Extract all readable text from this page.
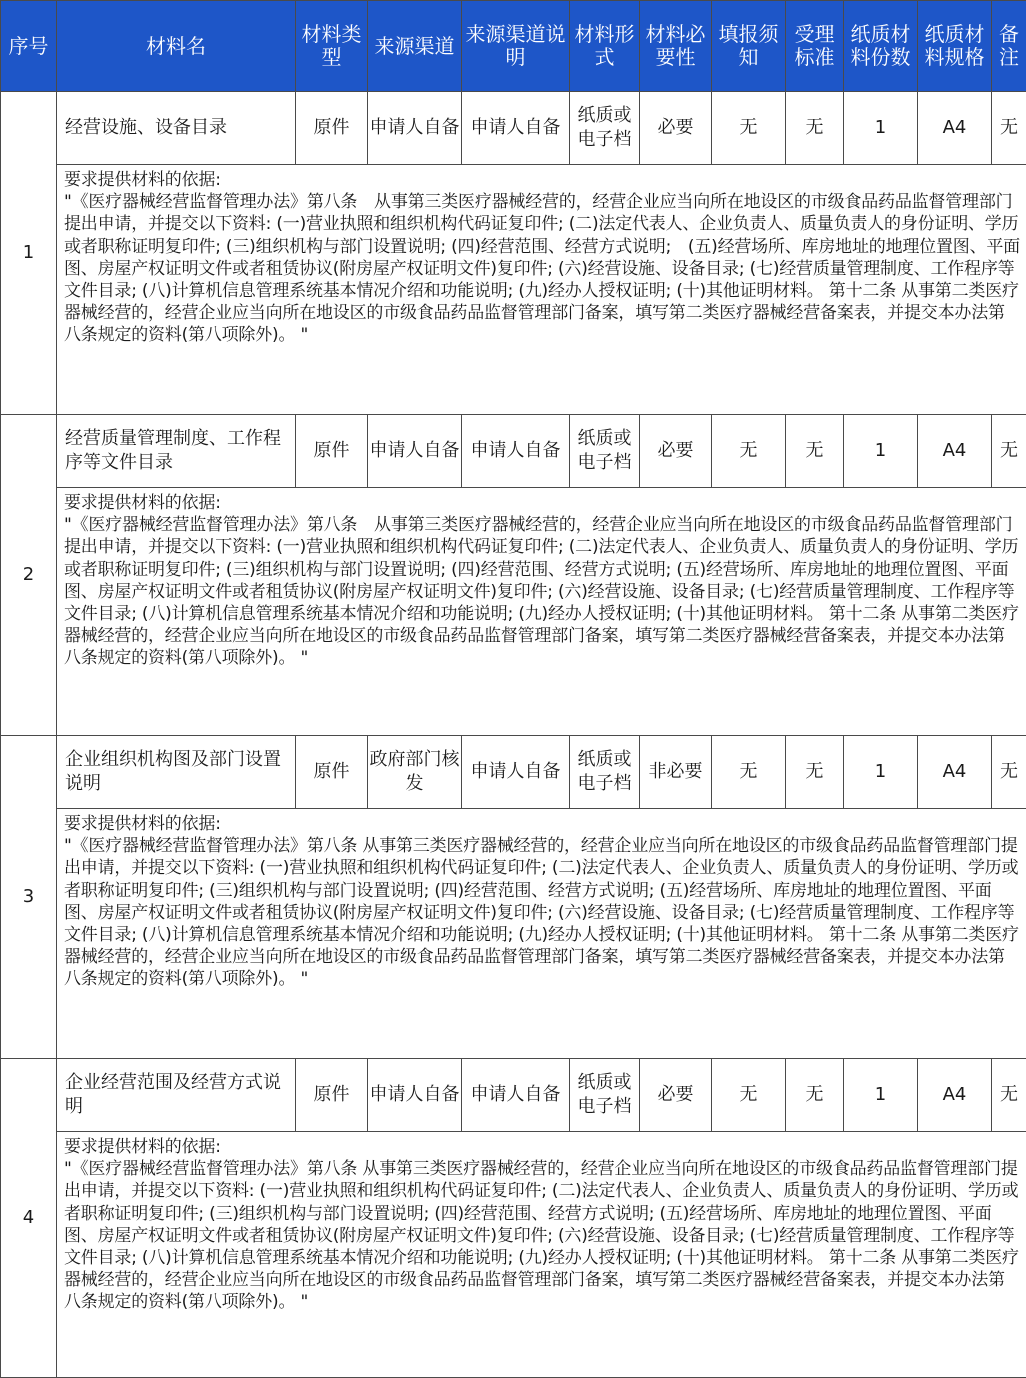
序号	材料名	材料类型	来源渠道	来源渠道说明	材料形式	材料必要性	填报须知	受理标准	纸质材料份数	纸质材料规格	备注
1	经营设施、设备目录	原件	申请人自备	申请人自备	纸质或电子档	必要	无	无	1	A4	无

	要求提供材料的依据:
"《医疗器械经营监督管理办法》第八条　从事第三类医疗器械经营的，经营企业应当向所在地设区的市级食品药品监督管理部门提出申请，并提交以下资料: (一)营业执照和组织机构代码证复印件; (二)法定代表人、企业负责人、质量负责人的身份证明、学历或者职称证明复印件; (三)组织机构与部门设置说明; (四)经营范围、经营方式说明;　(五)经营场所、库房地址的地理位置图、平面图、房屋产权证明文件或者租赁协议(附房屋产权证明文件)复印件; (六)经营设施、设备目录; (七)经营质量管理制度、工作程序等文件目录; (八)计算机信息管理系统基本情况介绍和功能说明; (九)经办人授权证明; (十)其他证明材料。 第十二条 从事第二类医疗器械经营的，经营企业应当向所在地设区的市级食品药品监督管理部门备案，填写第二类医疗器械经营备案表，并提交本办法第八条规定的资料(第八项除外)。 "										

2	经营质量管理制度、工作程序等文件目录	原件	申请人自备	申请人自备	纸质或电子档	必要	无	无	1	A4	无

	要求提供材料的依据:
"《医疗器械经营监督管理办法》第八条　从事第三类医疗器械经营的，经营企业应当向所在地设区的市级食品药品监督管理部门提出申请，并提交以下资料: (一)营业执照和组织机构代码证复印件; (二)法定代表人、企业负责人、质量负责人的身份证明、学历或者职称证明复印件; (三)组织机构与部门设置说明; (四)经营范围、经营方式说明; (五)经营场所、库房地址的地理位置图、平面图、房屋产权证明文件或者租赁协议(附房屋产权证明文件)复印件; (六)经营设施、设备目录; (七)经营质量管理制度、工作程序等文件目录; (八)计算机信息管理系统基本情况介绍和功能说明; (九)经办人授权证明; (十)其他证明材料。 第十二条 从事第二类医疗器械经营的，经营企业应当向所在地设区的市级食品药品监督管理部门备案，填写第二类医疗器械经营备案表，并提交本办法第八条规定的资料(第八项除外)。 "										

3	企业组织机构图及部门设置说明	原件	政府部门核发	申请人自备	纸质或电子档	非必要	无	无	1	A4	无

	要求提供材料的依据:
"《医疗器械经营监督管理办法》第八条 从事第三类医疗器械经营的，经营企业应当向所在地设区的市级食品药品监督管理部门提出申请，并提交以下资料: (一)营业执照和组织机构代码证复印件; (二)法定代表人、企业负责人、质量负责人的身份证明、学历或者职称证明复印件; (三)组织机构与部门设置说明; (四)经营范围、经营方式说明; (五)经营场所、库房地址的地理位置图、平面图、房屋产权证明文件或者租赁协议(附房屋产权证明文件)复印件; (六)经营设施、设备目录; (七)经营质量管理制度、工作程序等文件目录; (八)计算机信息管理系统基本情况介绍和功能说明; (九)经办人授权证明; (十)其他证明材料。 第十二条 从事第二类医疗器械经营的，经营企业应当向所在地设区的市级食品药品监督管理部门备案，填写第二类医疗器械经营备案表，并提交本办法第八条规定的资料(第八项除外)。 "										

4	企业经营范围及经营方式说明	原件	申请人自备	申请人自备	纸质或电子档	必要	无	无	1	A4	无

	要求提供材料的依据:
"《医疗器械经营监督管理办法》第八条 从事第三类医疗器械经营的，经营企业应当向所在地设区的市级食品药品监督管理部门提出申请，并提交以下资料: (一)营业执照和组织机构代码证复印件; (二)法定代表人、企业负责人、质量负责人的身份证明、学历或者职称证明复印件; (三)组织机构与部门设置说明; (四)经营范围、经营方式说明; (五)经营场所、库房地址的地理位置图、平面图、房屋产权证明文件或者租赁协议(附房屋产权证明文件)复印件; (六)经营设施、设备目录; (七)经营质量管理制度、工作程序等文件目录; (八)计算机信息管理系统基本情况介绍和功能说明; (九)经办人授权证明; (十)其他证明材料。 第十二条 从事第二类医疗器械经营的，经营企业应当向所在地设区的市级食品药品监督管理部门备案，填写第二类医疗器械经营备案表，并提交本办法第八条规定的资料(第八项除外)。 "										
